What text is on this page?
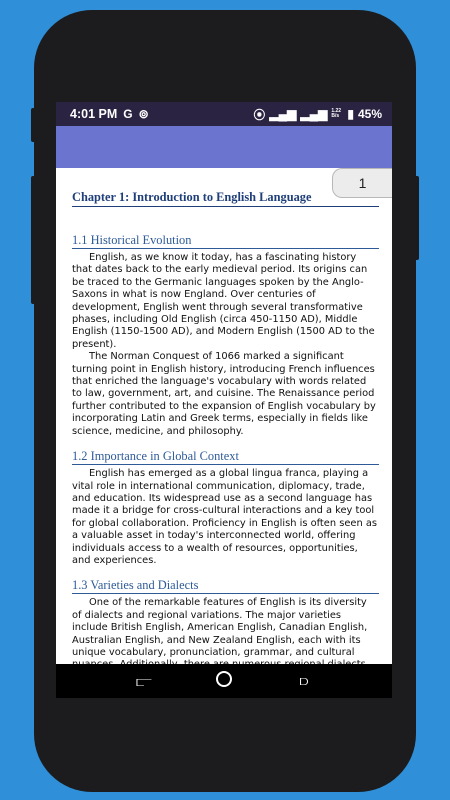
4:01 PM G ⊚	⦿ ▂▄▆ ▂▄▆ 1.22 B/s ▮ 45%
Chapter 1: Introduction to English Language
1.1 Historical Evolution

English, as we know it today, has a fascinating history that dates back to the early medieval period. Its origins can be traced to the Germanic languages spoken by the Anglo-Saxons in what is now England. Over centuries of development, English went through several transformative phases, including Old English (circa 450-1150 AD), Middle English (1150-1500 AD), and Modern English (1500 AD to the present).

The Norman Conquest of 1066 marked a significant turning point in English history, introducing French influences that enriched the language's vocabulary with words related to law, government, art, and cuisine. The Renaissance period further contributed to the expansion of English vocabulary by incorporating Latin and Greek terms, especially in fields like science, medicine, and philosophy.

1.2 Importance in Global Context

English has emerged as a global lingua franca, playing a vital role in international communication, diplomacy, trade, and education. Its widespread use as a second language has made it a bridge for cross-cultural interactions and a key tool for global collaboration. Proficiency in English is often seen as a valuable asset in today's interconnected world, offering individuals access to a wealth of resources, opportunities, and experiences.

1.3 Varieties and Dialects

One of the remarkable features of English is its diversity of dialects and regional variations. The major varieties include British English, American English, Canadian English, Australian English, and New Zealand English, each with its unique vocabulary, pronunciation, grammar, and cultural

1
⫍	⫐
